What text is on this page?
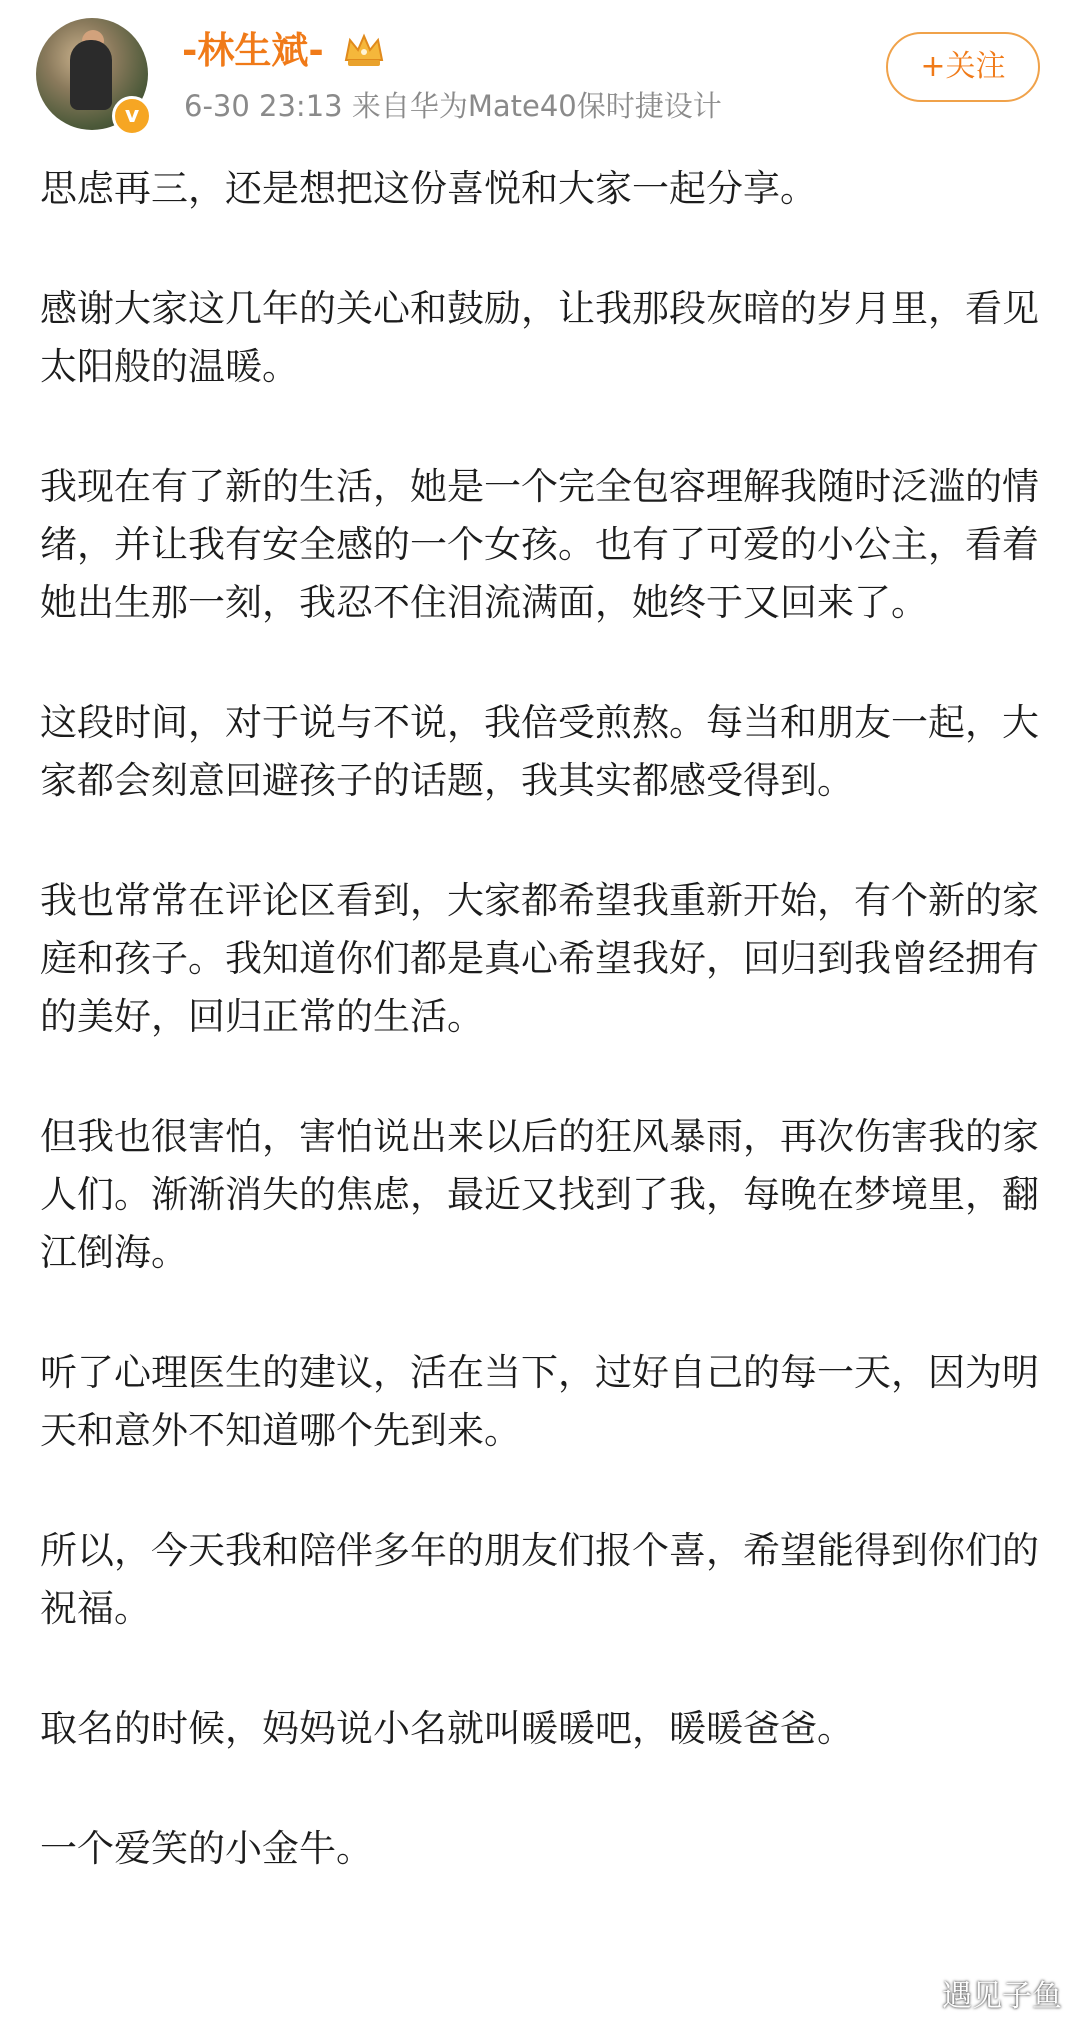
v
-林生斌-
6-30 23:13 来自华为Mate40保时捷设计
+关注

思虑再三，还是想把这份喜悦和大家一起分享。

感谢大家这几年的关心和鼓励，让我那段灰暗的岁月里，看见太阳般的温暖。

我现在有了新的生活，她是一个完全包容理解我随时泛滥的情绪，并让我有安全感的一个女孩。也有了可爱的小公主，看着她出生那一刻，我忍不住泪流满面，她终于又回来了。

这段时间，对于说与不说，我倍受煎熬。每当和朋友一起，大家都会刻意回避孩子的话题，我其实都感受得到。

我也常常在评论区看到，大家都希望我重新开始，有个新的家庭和孩子。我知道你们都是真心希望我好，回归到我曾经拥有的美好，回归正常的生活。

但我也很害怕，害怕说出来以后的狂风暴雨，再次伤害我的家人们。渐渐消失的焦虑，最近又找到了我，每晚在梦境里，翻江倒海。

听了心理医生的建议，活在当下，过好自己的每一天，因为明天和意外不知道哪个先到来。

所以，今天我和陪伴多年的朋友们报个喜，希望能得到你们的祝福。

取名的时候，妈妈说小名就叫暖暖吧，暖暖爸爸。

一个爱笑的小金牛。

遇见子鱼
